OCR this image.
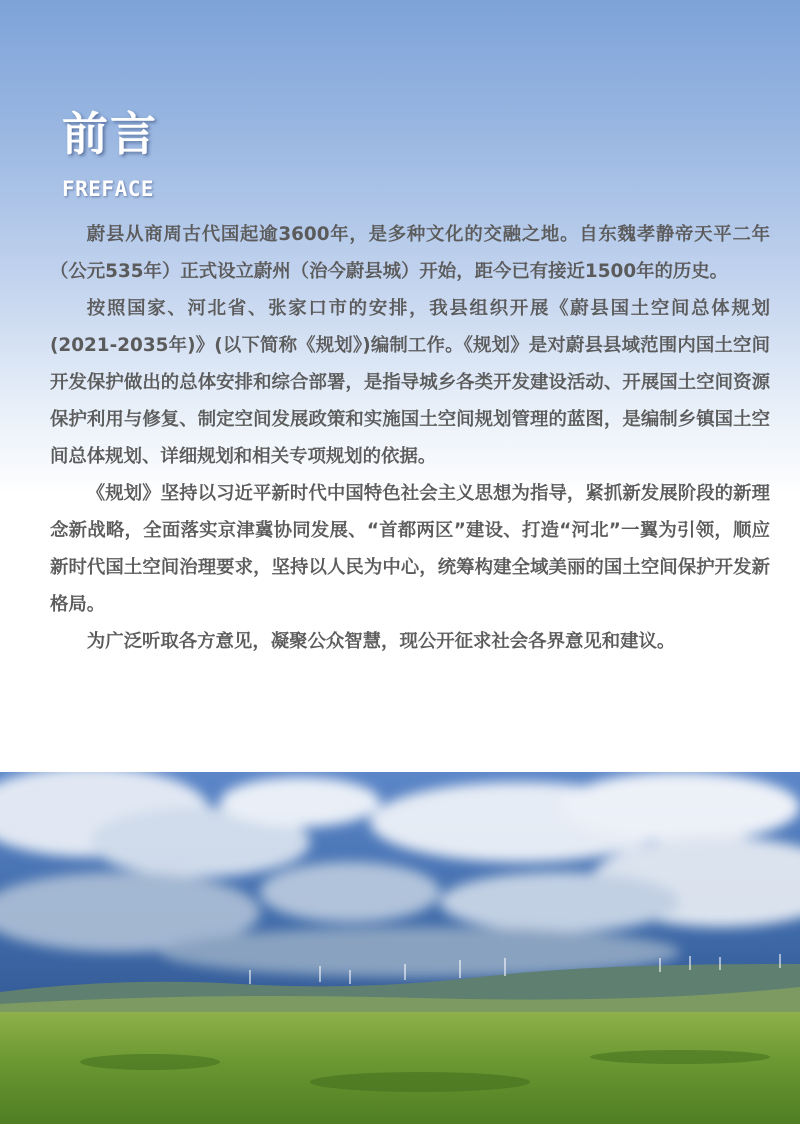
前言
FREFACE

蔚县从商周古代国起逾3600年，是多种文化的交融之地。自东魏孝静帝天平二年（公元535年）正式设立蔚州（治今蔚县城）开始，距今已有接近1500年的历史。

按照国家、河北省、张家口市的安排，我县组织开展《蔚县国土空间总体规划(2021-2035年)》(以下简称《规划》)编制工作。《规划》是对蔚县县域范围内国土空间开发保护做出的总体安排和综合部署，是指导城乡各类开发建设活动、开展国土空间资源保护利用与修复、制定空间发展政策和实施国土空间规划管理的蓝图，是编制乡镇国土空间总体规划、详细规划和相关专项规划的依据。

《规划》坚持以习近平新时代中国特色社会主义思想为指导，紧抓新发展阶段的新理念新战略，全面落实京津冀协同发展、“首都两区”建设、打造“河北”一翼为引领，顺应新时代国土空间治理要求，坚持以人民为中心，统筹构建全域美丽的国土空间保护开发新格局。

为广泛听取各方意见，凝聚公众智慧，现公开征求社会各界意见和建议。
